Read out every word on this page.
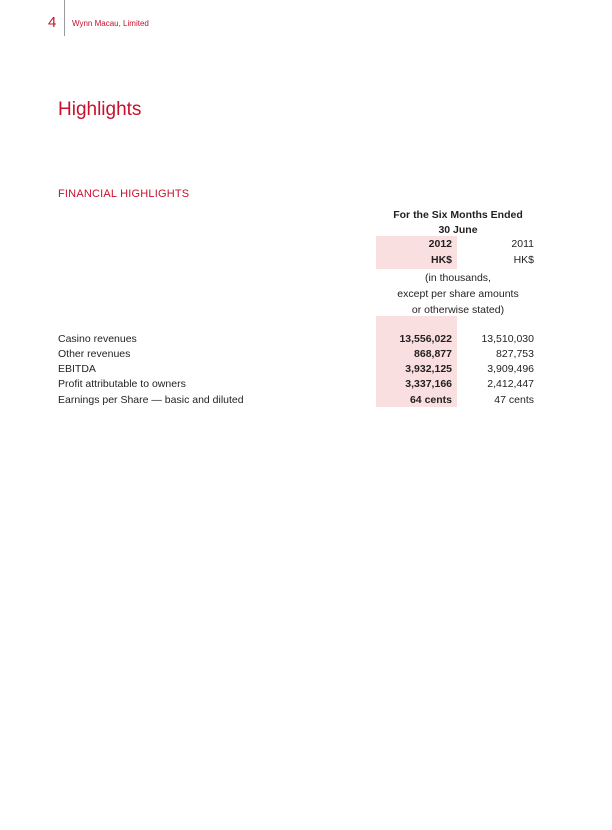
4 Wynn Macau, Limited
Highlights
FINANCIAL HIGHLIGHTS
For the Six Months Ended
30 June
2012	2011
HK$	HK$
(in thousands,
except per share amounts
or otherwise stated)
Casino revenues	13,556,022	13,510,030
Other revenues	868,877	827,753
EBITDA	3,932,125	3,909,496
Profit attributable to owners	3,337,166	2,412,447
Earnings per Share — basic and diluted	64 cents	47 cents
